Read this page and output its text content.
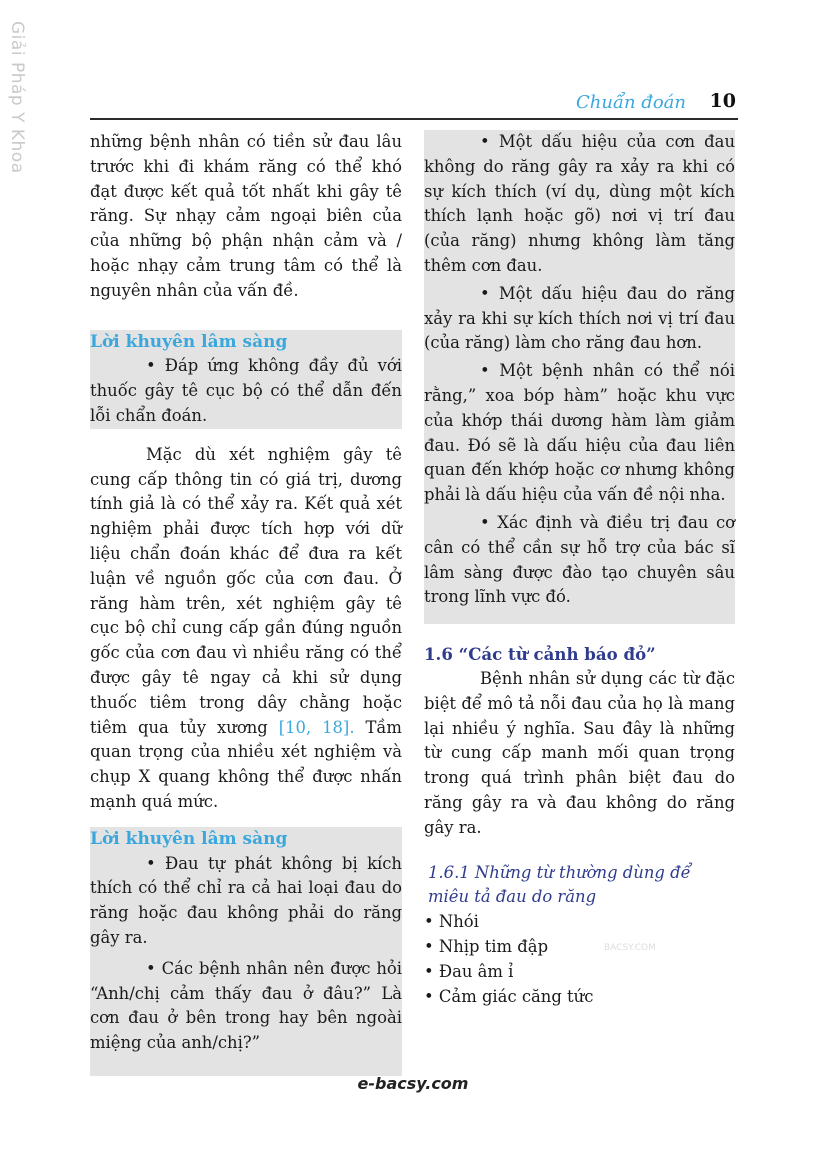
Giải Pháp Y Khoa	Chuẩn đoán 10

những bệnh nhân có tiền sử đau lâu trước khi đi khám răng có thể khó đạt được kết quả tốt nhất khi gây tê răng. Sự nhạy cảm ngoại biên của của những bộ phận nhận cảm và / hoặc nhạy cảm trung tâm có thể là nguyên nhân của vấn đề.

Lời khuyên lâm sàng

• Đáp ứng không đầy đủ với thuốc gây tê cục bộ có thể dẫn đến lỗi chẩn đoán.

Mặc dù xét nghiệm gây tê cung cấp thông tin có giá trị, dương tính giả là có thể xảy ra. Kết quả xét nghiệm phải được tích hợp với dữ liệu chẩn đoán khác để đưa ra kết luận về nguồn gốc của cơn đau. Ở răng hàm trên, xét nghiệm gây tê cục bộ chỉ cung cấp gần đúng nguồn gốc của cơn đau vì nhiều răng có thể được gây tê ngay cả khi sử dụng thuốc tiêm trong dây chằng hoặc tiêm qua tủy xương [10, 18]. Tầm quan trọng của nhiều xét nghiệm và chụp X quang không thể được nhấn mạnh quá mức.

Lời khuyên lâm sàng

• Đau tự phát không bị kích thích có thể chỉ ra cả hai loại đau do răng hoặc đau không phải do răng gây ra.

• Các bệnh nhân nên được hỏi “Anh/chị cảm thấy đau ở đâu?” Là cơn đau ở bên trong hay bên ngoài miệng của anh/chị?”

• Một dấu hiệu của cơn đau không do răng gây ra xảy ra khi có sự kích thích (ví dụ, dùng một kích thích lạnh hoặc gõ) nơi vị trí đau (của răng) nhưng không làm tăng thêm cơn đau.

• Một dấu hiệu đau do răng xảy ra khi sự kích thích nơi vị trí đau (của răng) làm cho răng đau hơn.

• Một bệnh nhân có thể nói rằng,” xoa bóp hàm” hoặc khu vực của khớp thái dương hàm làm giảm đau. Đó sẽ là dấu hiệu của đau liên quan đến khớp hoặc cơ nhưng không phải là dấu hiệu của vấn đề nội nha.

• Xác định và điều trị đau cơ cân có thể cần sự hỗ trợ của bác sĩ lâm sàng được đào tạo chuyên sâu trong lĩnh vực đó.

1.6 “Các từ cảnh báo đỏ”

Bệnh nhân sử dụng các từ đặc biệt để mô tả nỗi đau của họ là mang lại nhiều ý nghĩa. Sau đây là những từ cung cấp manh mối quan trọng trong quá trình phân biệt đau do răng gây ra và đau không do răng gây ra.

1.6.1 Những từ thường dùng để miêu tả đau do răng
• Nhói
• Nhịp tim đập
• Đau âm ỉ
• Cảm giác căng tức
BACSY.COM
e-bacsy.com
